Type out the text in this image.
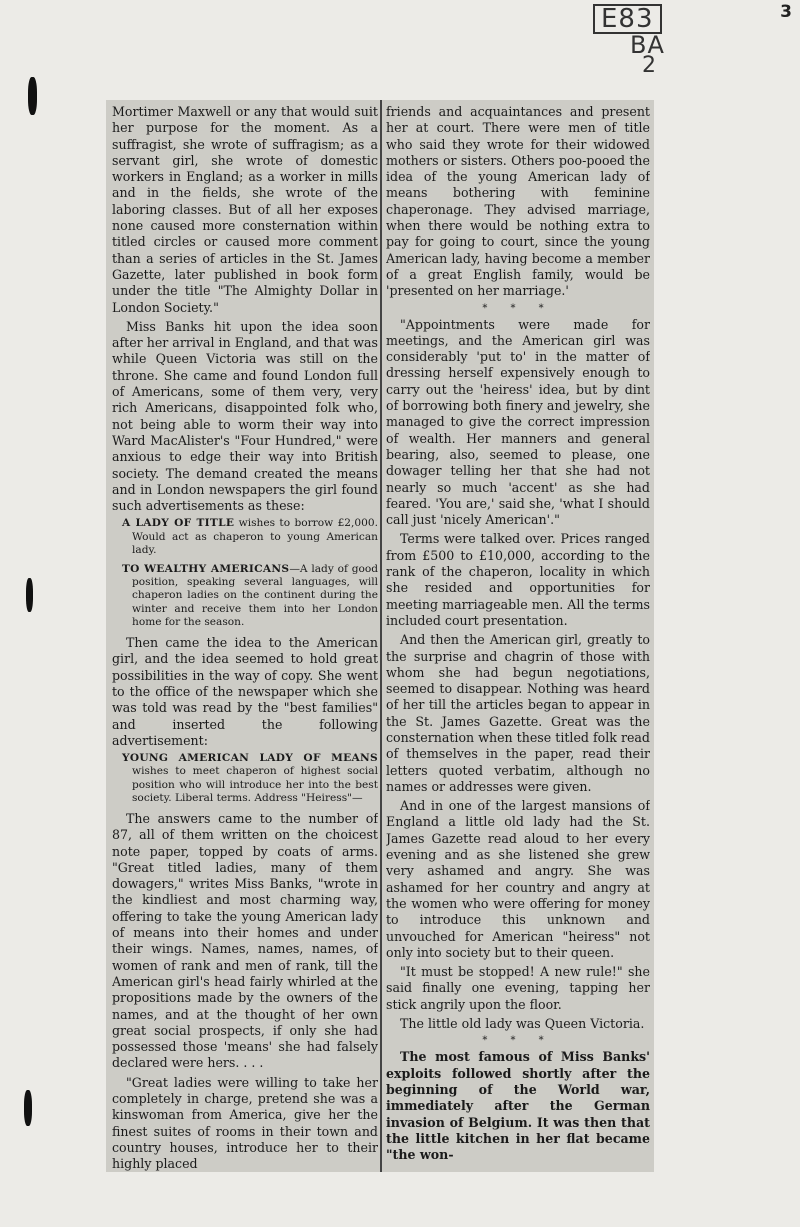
3
E83
BA
2

Mortimer Maxwell or any that would suit her purpose for the moment. As a suffragist, she wrote of suffragism; as a servant girl, she wrote of domestic workers in England; as a worker in mills and in the fields, she wrote of the laboring classes. But of all her exposes none caused more consternation within titled circles or caused more comment than a series of articles in the St. James Gazette, later published in book form under the title "The Almighty Dollar in London Society."

Miss Banks hit upon the idea soon after her arrival in England, and that was while Queen Victoria was still on the throne. She came and found London full of Americans, some of them very, very rich Americans, disappointed folk who, not being able to worm their way into Ward MacAlister's "Four Hundred," were anxious to edge their way into British society. The demand created the means and in London newspapers the girl found such advertisements as these:

A LADY OF TITLE wishes to borrow £2,000. Would act as chaperon to young American lady.
TO WEALTHY AMERICANS—A lady of good position, speaking several languages, will chaperon ladies on the continent during the winter and receive them into her London home for the season.

Then came the idea to the American girl, and the idea seemed to hold great possibilities in the way of copy. She went to the office of the newspaper which she was told was read by the "best families" and inserted the following advertisement:

YOUNG AMERICAN LADY OF MEANS wishes to meet chaperon of highest social position who will introduce her into the best society. Liberal terms. Address "Heiress"—

The answers came to the number of 87, all of them written on the choicest note paper, topped by coats of arms. "Great titled ladies, many of them dowagers," writes Miss Banks, "wrote in the kindliest and most charming way, offering to take the young American lady of means into their homes and under their wings. Names, names, names, of women of rank and men of rank, till the American girl's head fairly whirled at the propositions made by the owners of the names, and at the thought of her own great social prospects, if only she had possessed those 'means' she had falsely declared were hers. . . .

"Great ladies were willing to take her completely in charge, pretend she was a kinswoman from America, give her the finest suites of rooms in their town and country houses, introduce her to their highly placed

friends and acquaintances and present her at court. There were men of title who said they wrote for their widowed mothers or sisters. Others poo-pooed the idea of the young American lady of means bothering with feminine chaperonage. They advised marriage, when there would be nothing extra to pay for going to court, since the young American lady, having become a member of a great English family, would be 'presented on her marriage.'

* * *

"Appointments were made for meetings, and the American girl was considerably 'put to' in the matter of dressing herself expensively enough to carry out the 'heiress' idea, but by dint of borrowing both finery and jewelry, she managed to give the correct impression of wealth. Her manners and general bearing, also, seemed to please, one dowager telling her that she had not nearly so much 'accent' as she had feared. 'You are,' said she, 'what I should call just 'nicely American'."

Terms were talked over. Prices ranged from £500 to £10,000, according to the rank of the chaperon, locality in which she resided and opportunities for meeting marriageable men. All the terms included court presentation.

And then the American girl, greatly to the surprise and chagrin of those with whom she had begun negotiations, seemed to disappear. Nothing was heard of her till the articles began to appear in the St. James Gazette. Great was the consternation when these titled folk read of themselves in the paper, read their letters quoted verbatim, although no names or addresses were given.

And in one of the largest mansions of England a little old lady had the St. James Gazette read aloud to her every evening and as she listened she grew very ashamed and angry. She was ashamed for her country and angry at the women who were offering for money to introduce this unknown and unvouched for American "heiress" not only into society but to their queen.

"It must be stopped! A new rule!" she said finally one evening, tapping her stick angrily upon the floor.

The little old lady was Queen Victoria.

* * *

The most famous of Miss Banks' exploits followed shortly after the beginning of the World war, immediately after the German invasion of Belgium. It was then that the little kitchen in her flat became "the won-
